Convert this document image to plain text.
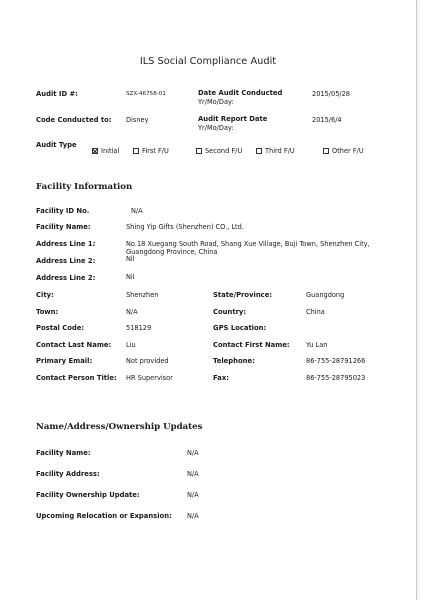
ILS Social Compliance Audit
Audit ID #:	SZX-46758-01	Date Audit Conducted
Yr/Mo/Day:
2015/05/28
Code Conducted to: Disney	Audit Report Date
Yr/Mo/Day:
2015/6/4
Audit Type
Initial	First F/U	Second F/U	Third F/U	Other F/U
Facility Information
Facility ID No.	N/A
Facility Name:	Shing Yip Gifts (Shenzhen) CO., Ltd.
Address Line 1:	No.18 Xuegang South Road, Shang Xue Village, Buji Town, Shenzhen City, Guangdong Province, China
Address Line 2:	Nil
Address Line 2:	Nil
City:	Shenzhen	State/Province:	Guangdong
Town:	N/A	Country:	China
Postal Code:	518129	GPS Location:
Contact Last Name: Liu	Contact First Name: Yu Lan
Primary Email:	Not provided	Telephone:	86-755-28791266
Contact Person Title: HR Supervisor	Fax:	86-755-28795023
Name/Address/Ownership Updates
Facility Name:	N/A
Facility Address:	N/A
Facility Ownership Update:	N/A
Upcoming Relocation or Expansion: N/A
